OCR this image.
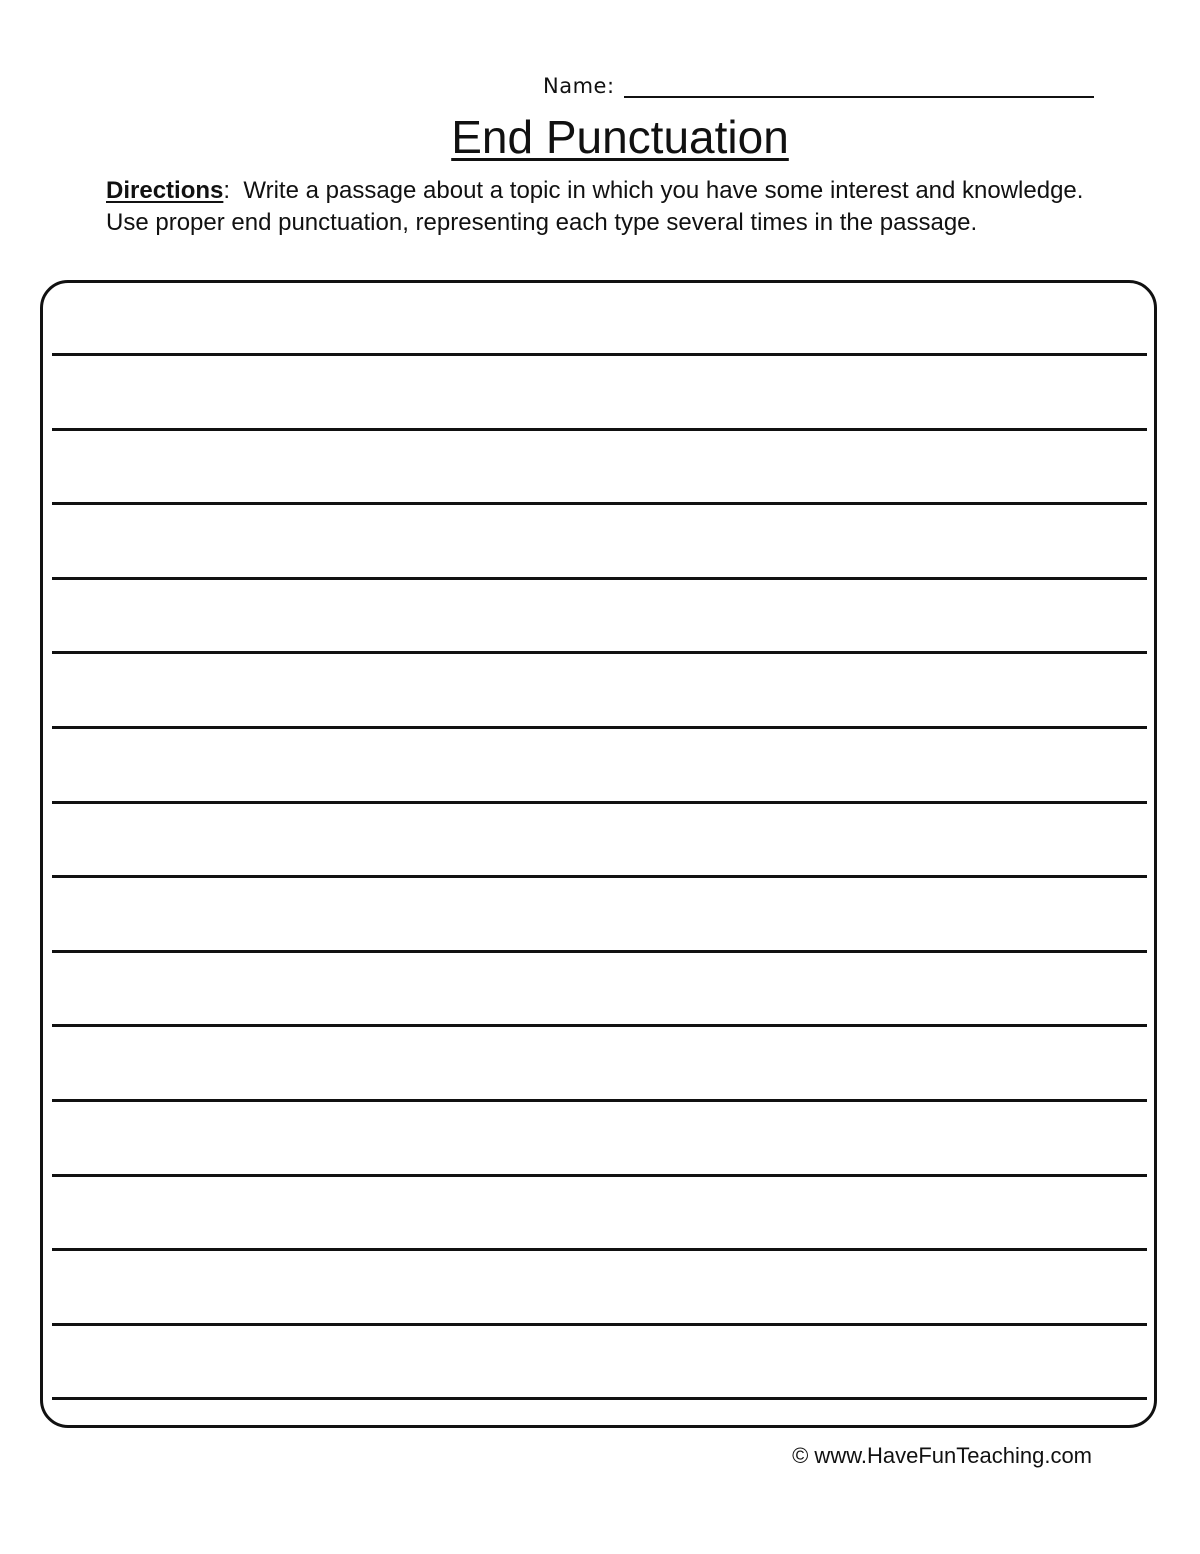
Name:
End Punctuation
Directions: Write a passage about a topic in which you have some interest and knowledge. Use proper end punctuation, representing each type several times in the passage.
© www.HaveFunTeaching.com
